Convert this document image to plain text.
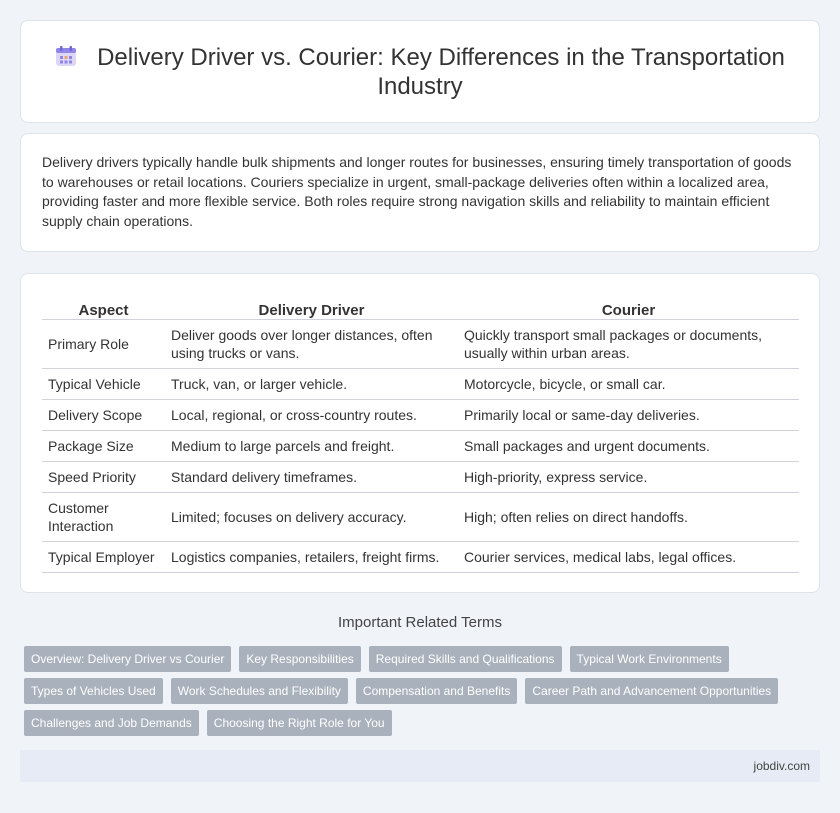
Delivery Driver vs. Courier: Key Differences in the Transportation Industry

Delivery drivers typically handle bulk shipments and longer routes for businesses, ensuring timely transportation of goods to warehouses or retail locations. Couriers specialize in urgent, small-package deliveries often within a localized area, providing faster and more flexible service. Both roles require strong navigation skills and reliability to maintain efficient supply chain operations.

Aspect	Delivery Driver	Courier
Primary Role	Deliver goods over longer distances, often using trucks or vans.	Quickly transport small packages or documents, usually within urban areas.
Typical Vehicle	Truck, van, or larger vehicle.	Motorcycle, bicycle, or small car.
Delivery Scope	Local, regional, or cross-country routes.	Primarily local or same-day deliveries.
Package Size	Medium to large parcels and freight.	Small packages and urgent documents.
Speed Priority	Standard delivery timeframes.	High-priority, express service.
Customer Interaction	Limited; focuses on delivery accuracy.	High; often relies on direct handoffs.
Typical Employer	Logistics companies, retailers, freight firms.	Courier services, medical labs, legal offices.
Important Related Terms
Overview: Delivery Driver vs Courier	Key Responsibilities	Required Skills and Qualifications	Typical Work Environments
Types of Vehicles Used	Work Schedules and Flexibility	Compensation and Benefits	Career Path and Advancement Opportunities
Challenges and Job Demands	Choosing the Right Role for You
jobdiv.com
